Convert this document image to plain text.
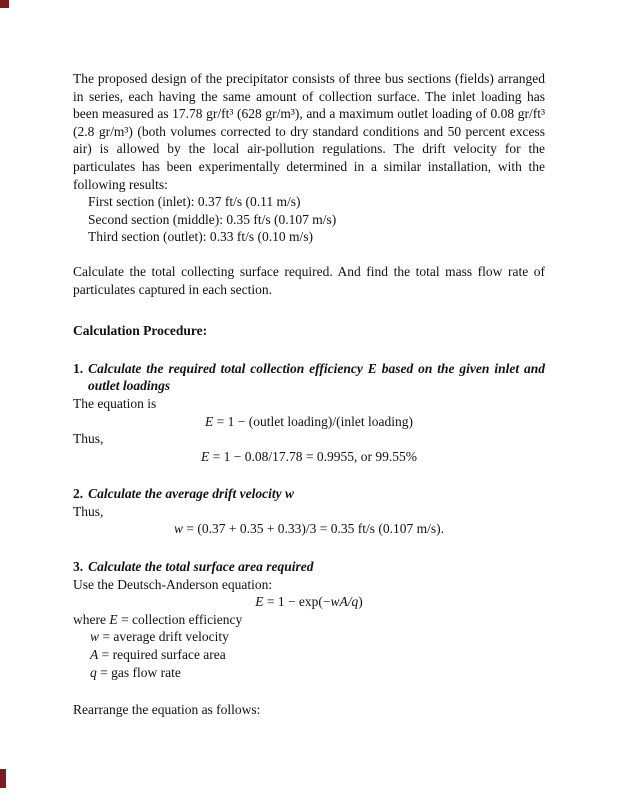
The proposed design of the precipitator consists of three bus sections (fields) arranged in series, each having the same amount of collection surface. The inlet loading has been measured as 17.78 gr/ft³ (628 gr/m³), and a maximum outlet loading of 0.08 gr/ft³ (2.8 gr/m³) (both volumes corrected to dry standard conditions and 50 percent excess air) is allowed by the local air-pollution regulations. The drift velocity for the particulates has been experimentally determined in a similar installation, with the following results:

First section (inlet): 0.37 ft/s (0.11 m/s)
Second section (middle): 0.35 ft/s (0.107 m/s)
Third section (outlet): 0.33 ft/s (0.10 m/s)

Calculate the total collecting surface required. And find the total mass flow rate of particulates captured in each section.

Calculation Procedure:
1. Calculate the required total collection efficiency E based on the given inlet and outlet loadings
The equation is
E = 1 − (outlet loading)/(inlet loading)
Thus,
E = 1 − 0.08/17.78 = 0.9955, or 99.55%
2. Calculate the average drift velocity w
Thus,
w = (0.37 + 0.35 + 0.33)/3 = 0.35 ft/s (0.107 m/s).
3. Calculate the total surface area required
Use the Deutsch-Anderson equation:
E = 1 − exp(−wA/q)
where E = collection efficiency
w = average drift velocity
A = required surface area
q = gas flow rate

Rearrange the equation as follows:
